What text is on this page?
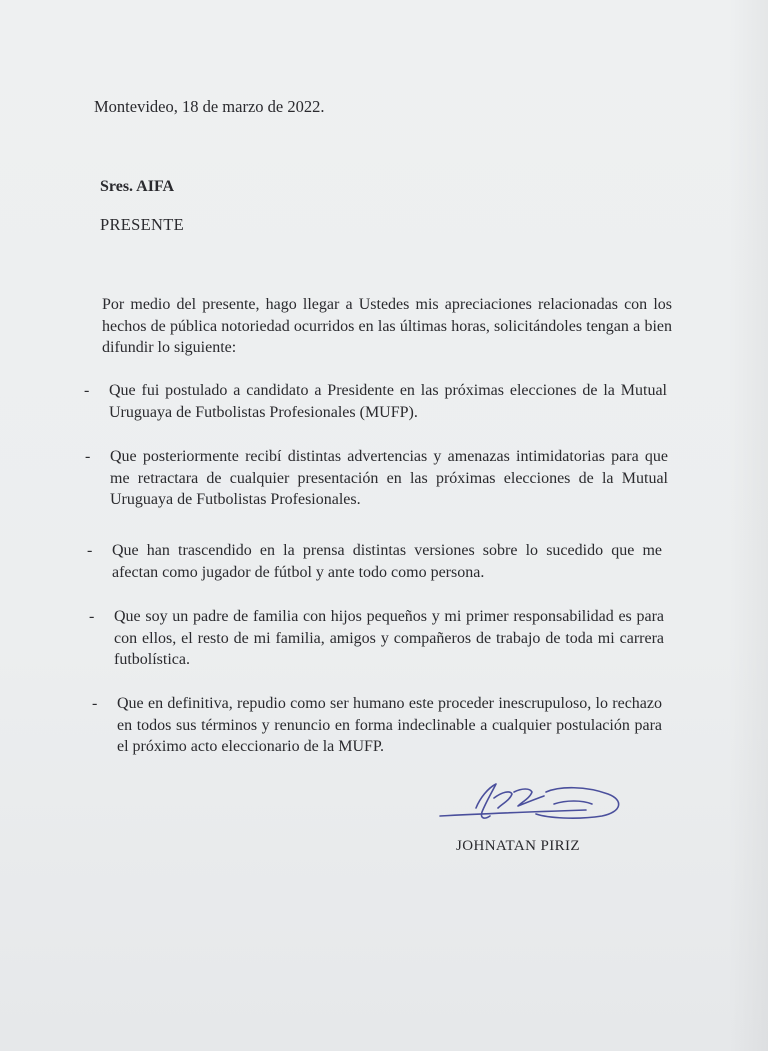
Montevideo, 18 de marzo de 2022.
Sres. AIFA
PRESENTE
Por medio del presente, hago llegar a Ustedes mis apreciaciones relacionadas con los hechos de pública notoriedad ocurridos en las últimas horas, solicitándoles tengan a bien difundir lo siguiente:
- Que fui postulado a candidato a Presidente en las próximas elecciones de la Mutual Uruguaya de Futbolistas Profesionales (MUFP).
- Que posteriormente recibí distintas advertencias y amenazas intimidatorias para que me retractara de cualquier presentación en las próximas elecciones de la Mutual Uruguaya de Futbolistas Profesionales.
- Que han trascendido en la prensa distintas versiones sobre lo sucedido que me afectan como jugador de fútbol y ante todo como persona.
- Que soy un padre de familia con hijos pequeños y mi primer responsabilidad es para con ellos, el resto de mi familia, amigos y compañeros de trabajo de toda mi carrera futbolística.
- Que en definitiva, repudio como ser humano este proceder inescrupuloso, lo rechazo en todos sus términos y renuncio en forma indeclinable a cualquier postulación para el próximo acto eleccionario de la MUFP.
JOHNATAN PIRIZ
